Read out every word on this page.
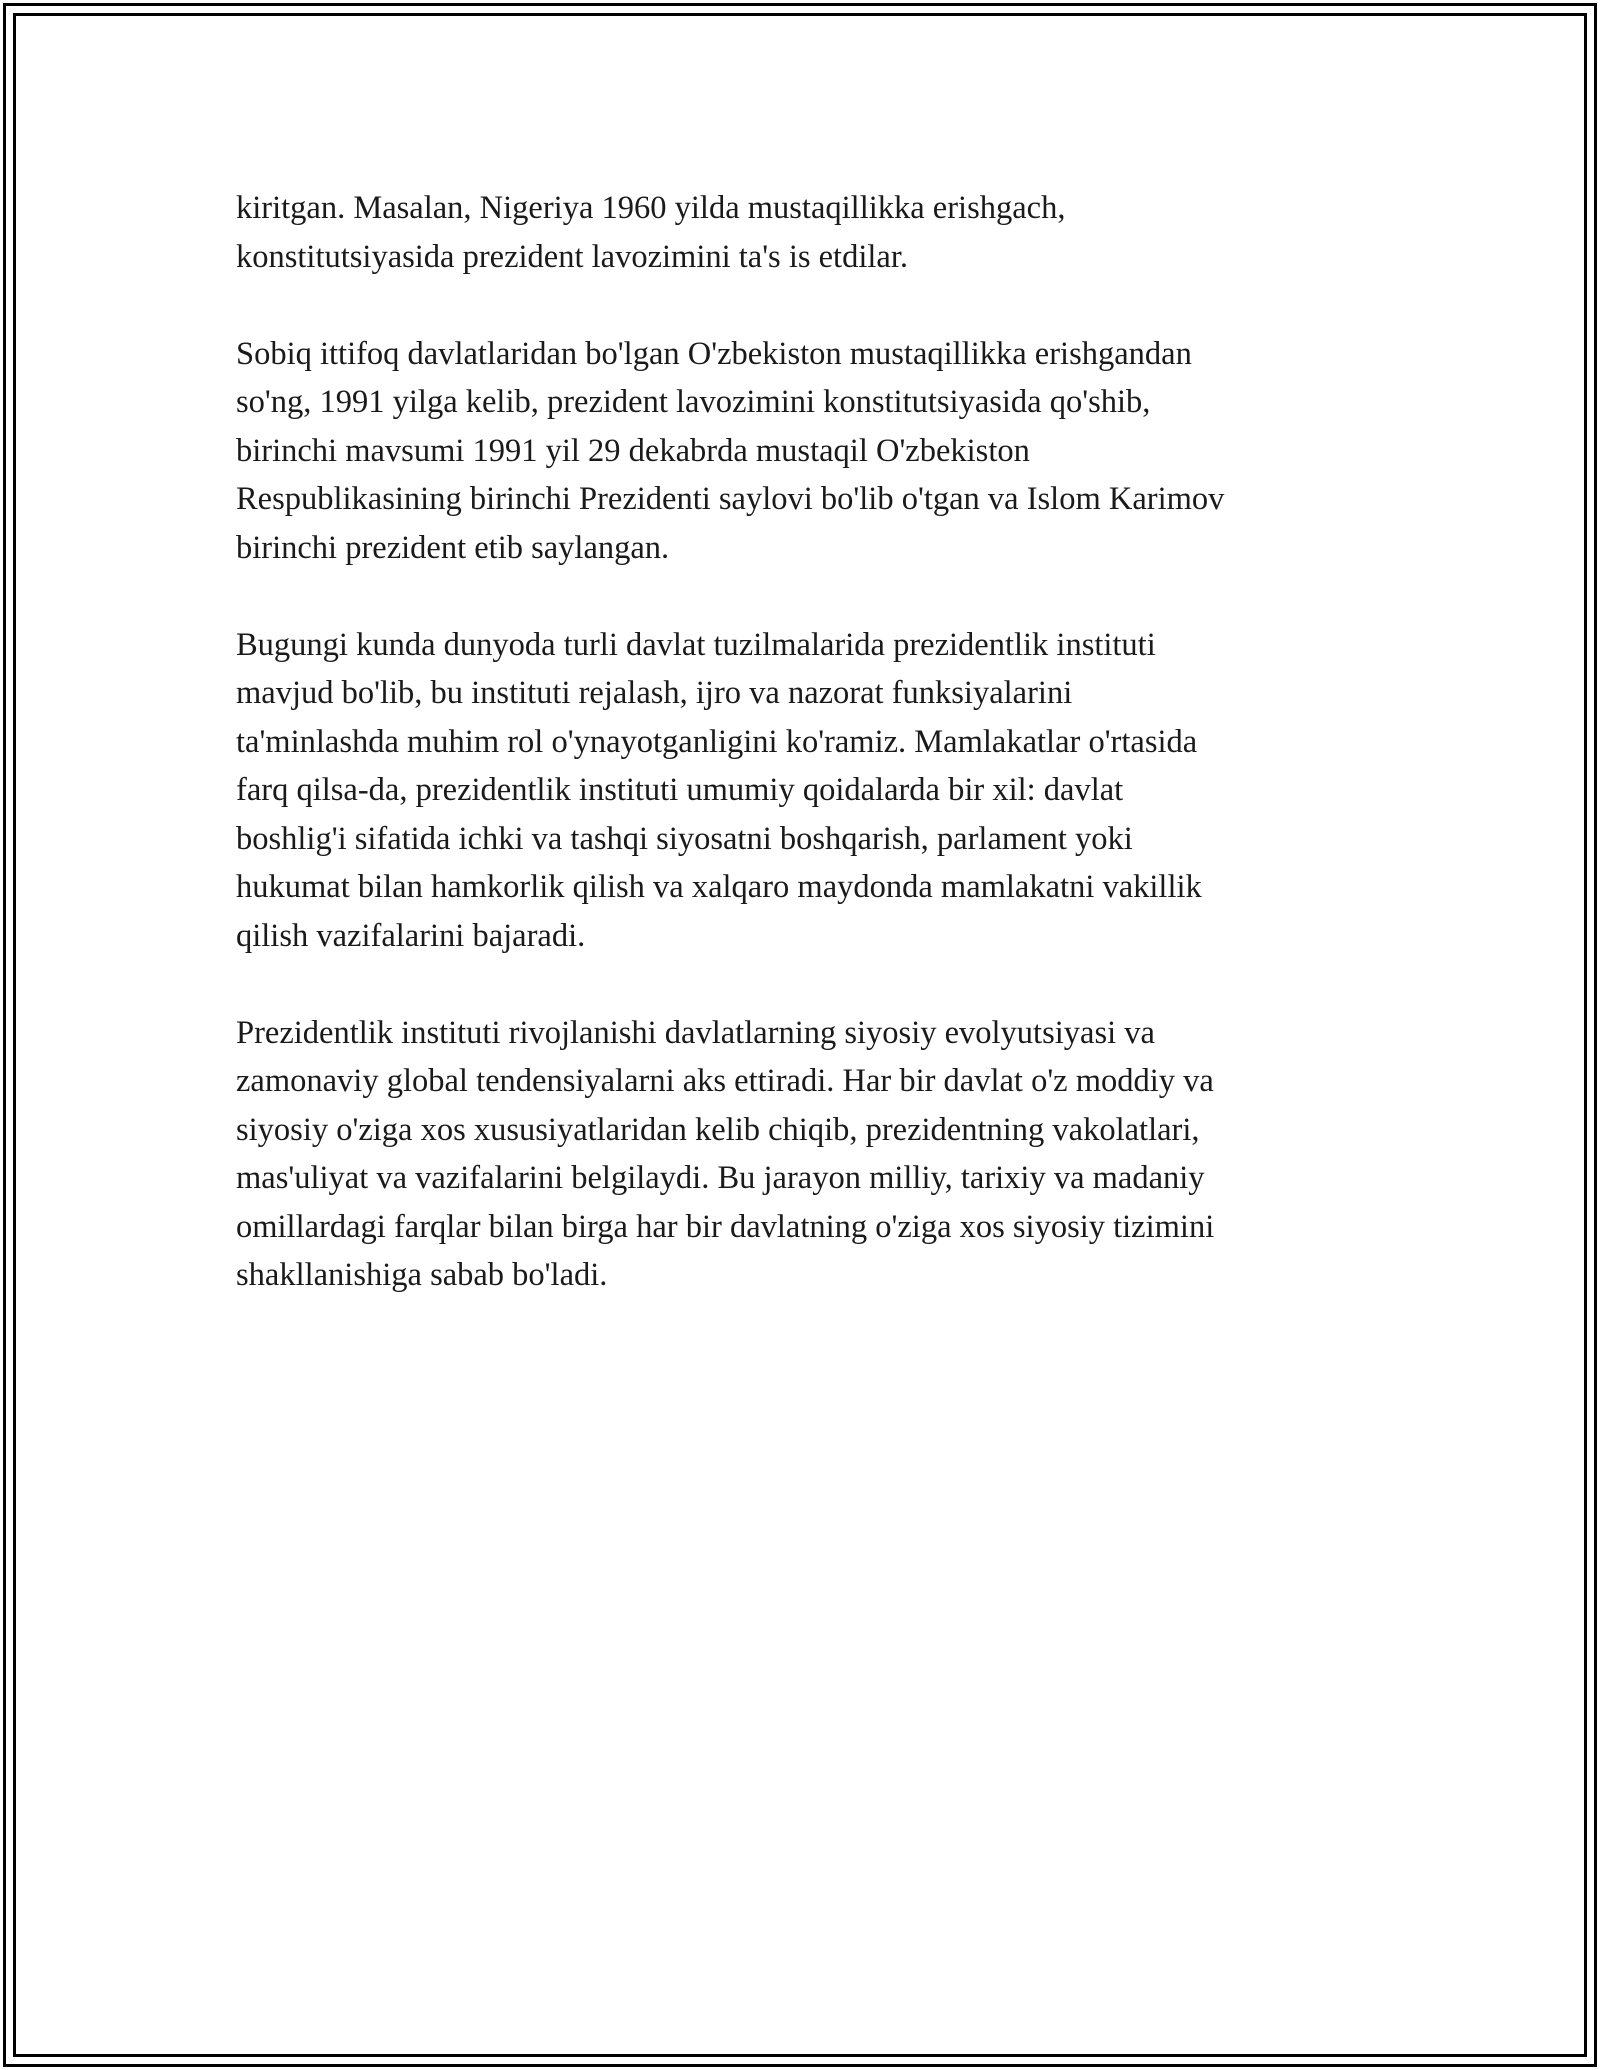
kiritgan. Masalan, Nigeriya 1960 yilda mustaqillikka erishgach,
konstitutsiyasida prezident lavozimini ta's is etdilar.

Sobiq ittifoq davlatlaridan bo'lgan O'zbekiston mustaqillikka erishgandan
so'ng, 1991 yilga kelib, prezident lavozimini konstitutsiyasida qo'shib,
birinchi mavsumi 1991 yil 29 dekabrda mustaqil O'zbekiston
Respublikasining birinchi Prezidenti saylovi bo'lib o'tgan va Islom Karimov
birinchi prezident etib saylangan.

Bugungi kunda dunyoda turli davlat tuzilmalarida prezidentlik instituti
mavjud bo'lib, bu instituti rejalash, ijro va nazorat funksiyalarini
ta'minlashda muhim rol o'ynayotganligini ko'ramiz. Mamlakatlar o'rtasida
farq qilsa-da, prezidentlik instituti umumiy qoidalarda bir xil: davlat
boshlig'i sifatida ichki va tashqi siyosatni boshqarish, parlament yoki
hukumat bilan hamkorlik qilish va xalqaro maydonda mamlakatni vakillik
qilish vazifalarini bajaradi.

Prezidentlik instituti rivojlanishi davlatlarning siyosiy evolyutsiyasi va
zamonaviy global tendensiyalarni aks ettiradi. Har bir davlat o'z moddiy va
siyosiy o'ziga xos xususiyatlaridan kelib chiqib, prezidentning vakolatlari,
mas'uliyat va vazifalarini belgilaydi. Bu jarayon milliy, tarixiy va madaniy
omillardagi farqlar bilan birga har bir davlatning o'ziga xos siyosiy tizimini
shakllanishiga sabab bo'ladi.
